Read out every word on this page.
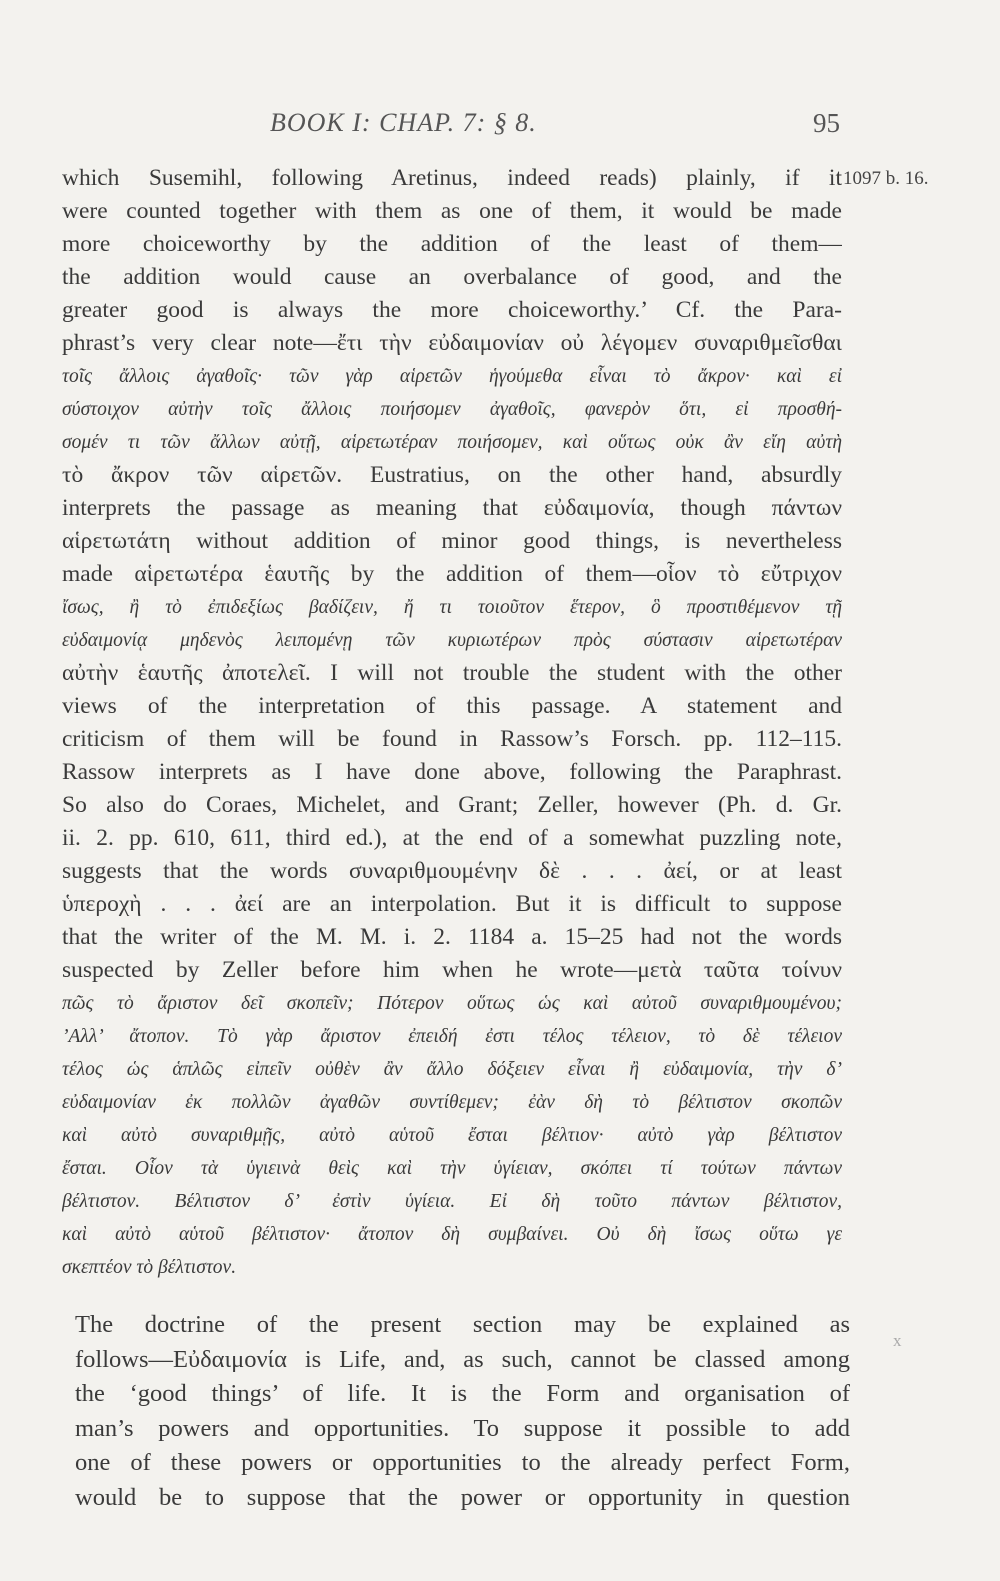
BOOK I: CHAP. 7: § 8.	95
1097 b. 16.
x
which Susemihl, following Aretinus, indeed reads) plainly, if it
were counted together with them as one of them, it would be made
more choiceworthy by the addition of the least of them—
the addition would cause an overbalance of good, and the
greater good is always the more choiceworthy.’ Cf. the Para-
phrast’s very clear note—ἔτι τὴν εὐδαιμονίαν οὐ λέγομεν συναριθμεῖσθαι
τοῖς ἄλλοις ἀγαθοῖς· τῶν γὰρ αἱρετῶν ἡγούμεθα εἶναι τὸ ἄκρον· καὶ εἰ
σύστοιχον αὐτὴν τοῖς ἄλλοις ποιήσομεν ἀγαθοῖς, φανερὸν ὅτι, εἰ προσθή-
σομέν τι τῶν ἄλλων αὐτῇ, αἱρετωτέραν ποιήσομεν, καὶ οὕτως οὐκ ἂν εἴη αὐτὴ
τὸ ἄκρον τῶν αἱρετῶν. Eustratius, on the other hand, absurdly
interprets the passage as meaning that εὐδαιμονία, though πάντων
αἱρετωτάτη without addition of minor good things, is nevertheless
made αἱρετωτέρα ἑαυτῆς by the addition of them—οἷον τὸ εὔτριχον
ἴσως, ἢ τὸ ἐπιδεξίως βαδίζειν, ἤ τι τοιοῦτον ἕτερον, ὃ προστιθέμενον τῇ
εὐδαιμονίᾳ μηδενὸς λειπομένῃ τῶν κυριωτέρων πρὸς σύστασιν αἱρετωτέραν
αὐτὴν ἑαυτῆς ἀποτελεῖ. I will not trouble the student with the other
views of the interpretation of this passage. A statement and
criticism of them will be found in Rassow’s Forsch. pp. 112–115.
Rassow interprets as I have done above, following the Paraphrast.
So also do Coraes, Michelet, and Grant; Zeller, however (Ph. d. Gr.
ii. 2. pp. 610, 611, third ed.), at the end of a somewhat puzzling note,
suggests that the words συναριθμουμένην δὲ . . . ἀεί, or at least
ὑπεροχὴ . . . ἀεί are an interpolation. But it is difficult to suppose
that the writer of the M. M. i. 2. 1184 a. 15–25 had not the words
suspected by Zeller before him when he wrote—μετὰ ταῦτα τοίνυν
πῶς τὸ ἄριστον δεῖ σκοπεῖν; Πότερον οὕτως ὡς καὶ αὐτοῦ συναριθμουμένου;
’Αλλ’ ἄτοπον. Τὸ γὰρ ἄριστον ἐπειδή ἐστι τέλος τέλειον, τὸ δὲ τέλειον
τέλος ὡς ἁπλῶς εἰπεῖν οὐθὲν ἂν ἄλλο δόξειεν εἶναι ἢ εὐδαιμονία, τὴν δ’
εὐδαιμονίαν ἐκ πολλῶν ἀγαθῶν συντίθεμεν; ἐὰν δὴ τὸ βέλτιστον σκοπῶν
καὶ αὐτὸ συναριθμῇς, αὐτὸ αὑτοῦ ἔσται βέλτιον· αὐτὸ γὰρ βέλτιστον
ἔσται. Οἷον τὰ ὑγιεινὰ θεὶς καὶ τὴν ὑγίειαν, σκόπει τί τούτων πάντων
βέλτιστον. Βέλτιστον δ’ ἐστὶν ὑγίεια. Εἰ δὴ τοῦτο πάντων βέλτιστον,
καὶ αὐτὸ αὑτοῦ βέλτιστον· ἄτοπον δὴ συμβαίνει. Οὐ δὴ ἴσως οὕτω γε
σκεπτέον τὸ βέλτιστον.
The doctrine of the present section may be explained as
follows—Εὐδαιμονία is Life, and, as such, cannot be classed among
the ‘good things’ of life. It is the Form and organisation of
man’s powers and opportunities. To suppose it possible to add
one of these powers or opportunities to the already perfect Form,
would be to suppose that the power or opportunity in question
